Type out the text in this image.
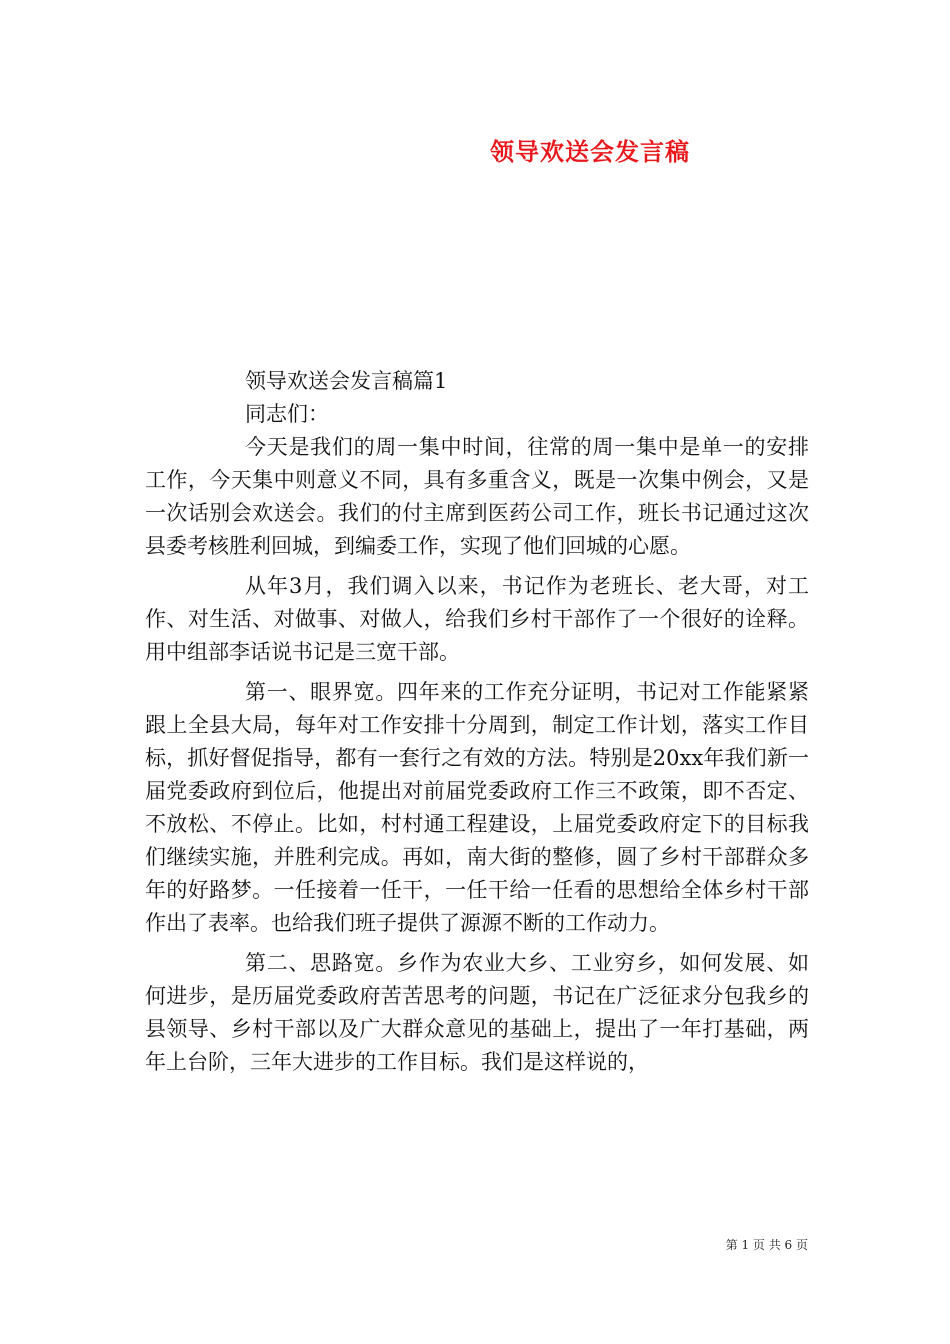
领导欢送会发言稿

领导欢送会发言稿篇1

同志们：

今天是我们的周一集中时间，往常的周一集中是单一的安排工作，今天集中则意义不同，具有多重含义，既是一次集中例会，又是一次话别会欢送会。我们的付主席到医药公司工作，班长书记通过这次县委考核胜利回城，到编委工作，实现了他们回城的心愿。

从年3月，我们调入以来，书记作为老班长、老大哥，对工作、对生活、对做事、对做人，给我们乡村干部作了一个很好的诠释。用中组部李话说书记是三宽干部。

第一、眼界宽。四年来的工作充分证明，书记对工作能紧紧跟上全县大局，每年对工作安排十分周到，制定工作计划，落实工作目标，抓好督促指导，都有一套行之有效的方法。特别是20xx年我们新一届党委政府到位后，他提出对前届党委政府工作三不政策，即不否定、不放松、不停止。比如，村村通工程建设，上届党委政府定下的目标我们继续实施，并胜利完成。再如，南大街的整修，圆了乡村干部群众多年的好路梦。一任接着一任干，一任干给一任看的思想给全体乡村干部作出了表率。也给我们班子提供了源源不断的工作动力。

第二、思路宽。乡作为农业大乡、工业穷乡，如何发展、如何进步，是历届党委政府苦苦思考的问题，书记在广泛征求分包我乡的县领导、乡村干部以及广大群众意见的基础上，提出了一年打基础，两年上台阶，三年大进步的工作目标。我们是这样说的，

第 1 页 共 6 页
